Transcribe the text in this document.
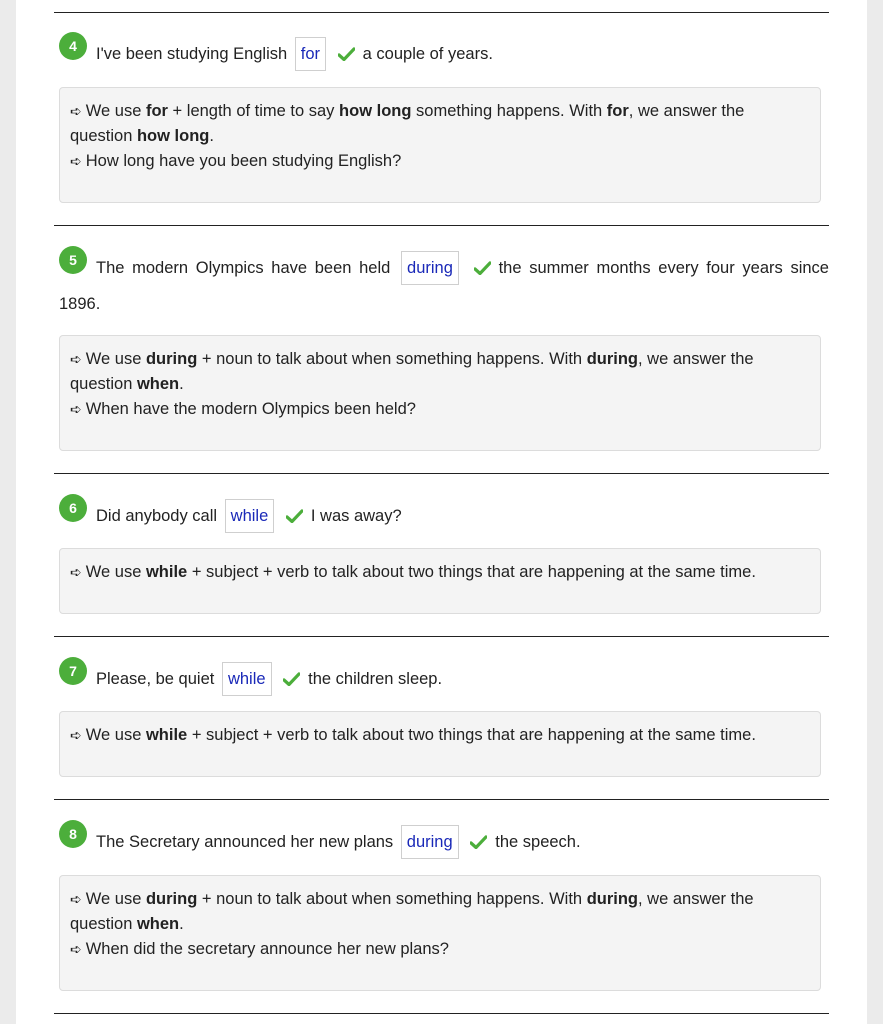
4 I've been studying English for	a couple of years.
➪ We use for + length of time to say how long something happens. With for, we answer the
question how long.
➪ How long have you been studying English?
5 The modern Olympics have been held during	the summer months every four years since 1896.
➪ We use during + noun to talk about when something happens. With during, we answer the
question when.
➪ When have the modern Olympics been held?
6 Did anybody call while	I was away?
➪ We use while + subject + verb to talk about two things that are happening at the same time.
7 Please, be quiet while	the children sleep.
➪ We use while + subject + verb to talk about two things that are happening at the same time.
8 The Secretary announced her new plans during	the speech.
➪ We use during + noun to talk about when something happens. With during, we answer the
question when.
➪ When did the secretary announce her new plans?
